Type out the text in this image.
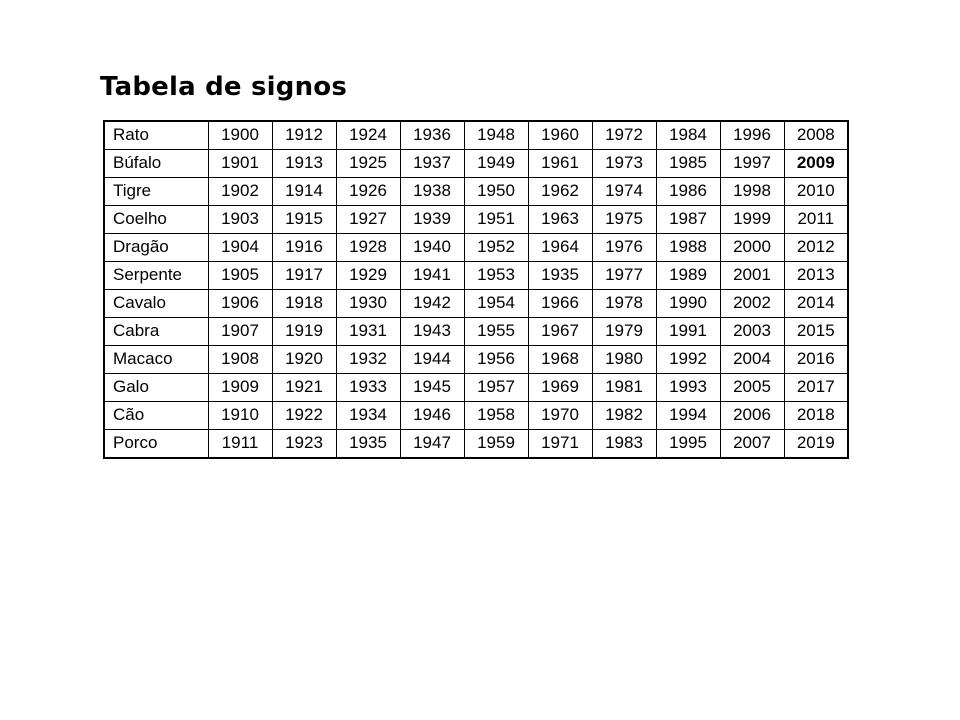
Tabela de signos
Rato	1900	1912	1924	1936	1948	1960	1972	1984	1996	2008
Búfalo	1901	1913	1925	1937	1949	1961	1973	1985	1997	2009
Tigre	1902	1914	1926	1938	1950	1962	1974	1986	1998	2010
Coelho	1903	1915	1927	1939	1951	1963	1975	1987	1999	2011
Dragão	1904	1916	1928	1940	1952	1964	1976	1988	2000	2012
Serpente	1905	1917	1929	1941	1953	1935	1977	1989	2001	2013
Cavalo	1906	1918	1930	1942	1954	1966	1978	1990	2002	2014
Cabra	1907	1919	1931	1943	1955	1967	1979	1991	2003	2015
Macaco	1908	1920	1932	1944	1956	1968	1980	1992	2004	2016
Galo	1909	1921	1933	1945	1957	1969	1981	1993	2005	2017
Cão	1910	1922	1934	1946	1958	1970	1982	1994	2006	2018
Porco	1911	1923	1935	1947	1959	1971	1983	1995	2007	2019
